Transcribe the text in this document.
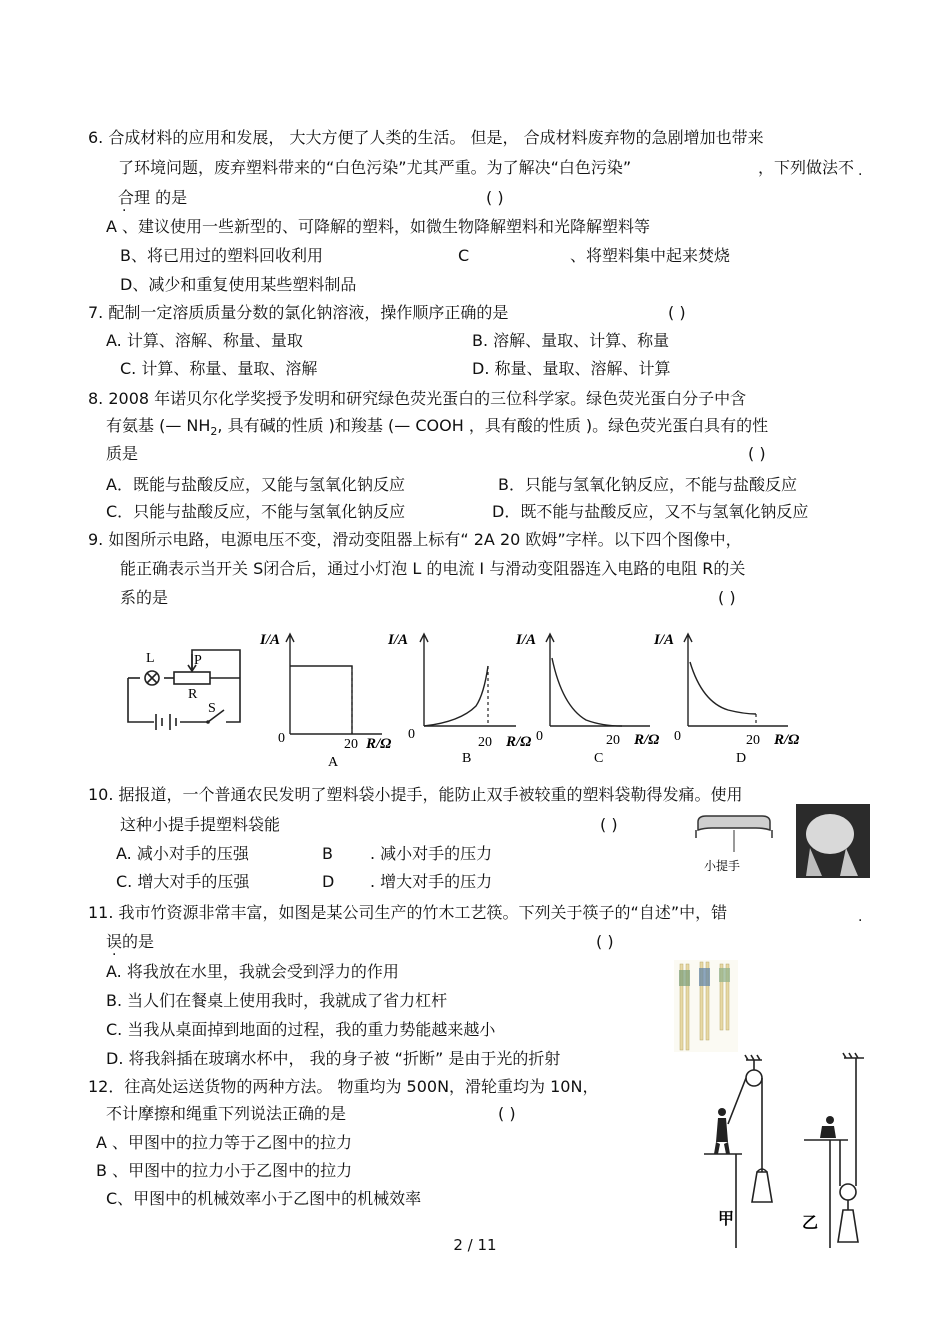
6. 合成材料的应用和发展， 大大方便了人类的生活。 但是， 合成材料废弃物的急剧增加也带来
了环境问题，废弃塑料带来的“白色污染”尤其严重。为了解决“白色污染”	，下列做法不 ·
合理 的是
·
( )
A 、建议使用一些新型的、可降解的塑料，如微生物降解塑料和光降解塑料等
B、将已用过的塑料回收利用	C	、将塑料集中起来焚烧
D、减少和重复使用某些塑料制品
7. 配制一定溶质质量分数的氯化钠溶液，操作顺序正确的是	( )
A. 计算、溶解、称量、量取	B. 溶解、量取、计算、称量
C. 计算、称量、量取、溶解	D. 称量、量取、溶解、计算
8. 2008 年诺贝尔化学奖授予发明和研究绿色荧光蛋白的三位科学家。绿色荧光蛋白分子中含
有氨基 (— $NH_2$, 具有碱的性质 )和羧基 (— COOH ，具有酸的性质 )。绿色荧光蛋白具有的性
质是	( )
A．既能与盐酸反应，又能与氢氧化钠反应	B．只能与氢氧化钠反应，不能与盐酸反应
C．只能与盐酸反应，不能与氢氧化钠反应	D．既不能与盐酸反应，又不与氢氧化钠反应
9. 如图所示电路，电源电压不变，滑动变阻器上标有“ 2A 20 欧姆”字样。以下四个图像中，
能正确表示当开关 S闭合后，通过小灯泡 L 的电流 I 与滑动变阻器连入电路的电阻 R的关
系的是	( )
L	P
R
S
I/A
0	20 R/Ω
A
I/A
0
20 R/Ω
B
I/A
0	20 R/Ω
C
I/A
0	20 R/Ω
D
10. 据报道，一个普通农民发明了塑料袋小提手，能防止双手被较重的塑料袋勒得发痛。使用
这种小提手提塑料袋能	( )
A. 减小对手的压强	B . 减小对手的压力
C. 增大对手的压强	D . 增大对手的压力
小提手
11. 我市竹资源非常丰富，如图是某公司生产的竹木工艺筷。下列关于筷子的“自述”中，错	·
误的是
·
( )
A. 将我放在水里，我就会受到浮力的作用
B. 当人们在餐桌上使用我时，我就成了省力杠杆
C. 当我从桌面掉到地面的过程，我的重力势能越来越小
D. 将我斜插在玻璃水杯中， 我的身子被 “折断” 是由于光的折射
12．往高处运送货物的两种方法。 物重均为 500N，滑轮重均为 10N，
不计摩擦和绳重下列说法正确的是	( )
A 、甲图中的拉力等于乙图中的拉力
B 、甲图中的拉力小于乙图中的拉力
C、甲图中的机械效率小于乙图中的机械效率
甲	乙
2 / 11
